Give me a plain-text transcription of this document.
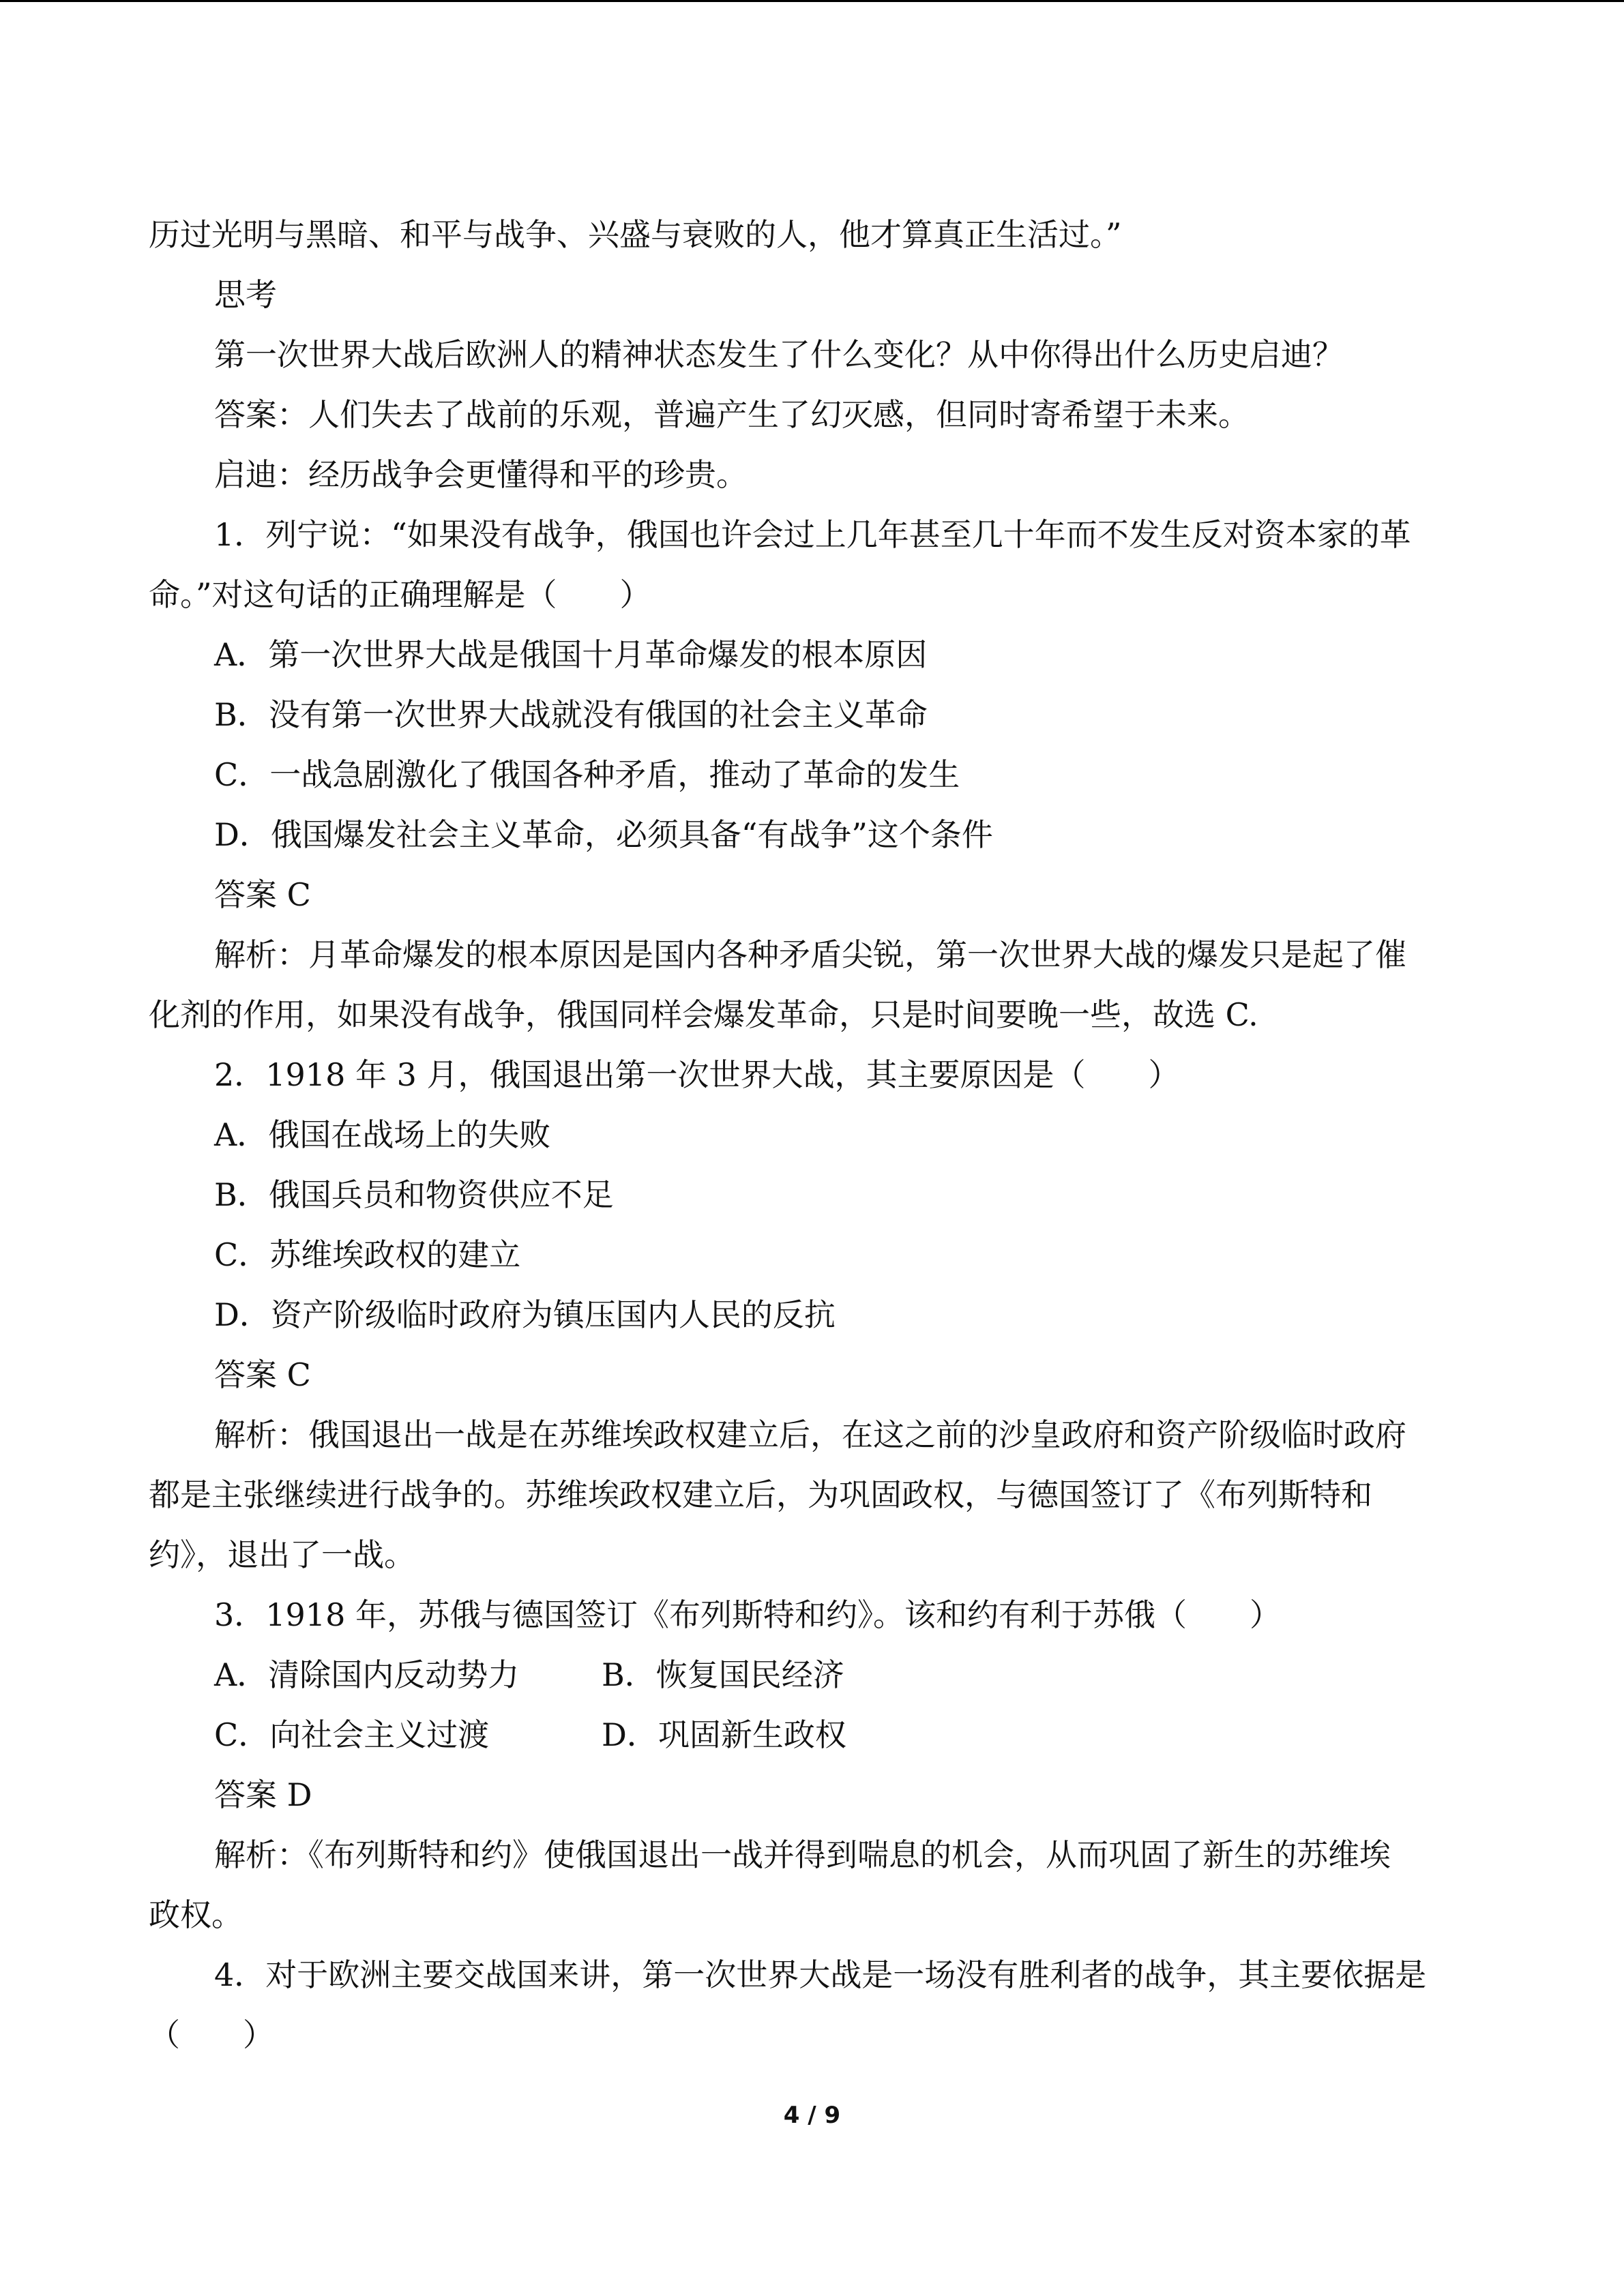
历过光明与黑暗、和平与战争、兴盛与衰败的人，他才算真正生活过。”
思考
第一次世界大战后欧洲人的精神状态发生了什么变化？从中你得出什么历史启迪？
答案：人们失去了战前的乐观，普遍产生了幻灭感，但同时寄希望于未来。
启迪：经历战争会更懂得和平的珍贵。
1．列宁说：“如果没有战争，俄国也许会过上几年甚至几十年而不发生反对资本家的革
命。”对这句话的正确理解是（　　）
A．第一次世界大战是俄国十月革命爆发的根本原因
B．没有第一次世界大战就没有俄国的社会主义革命
C．一战急剧激化了俄国各种矛盾，推动了革命的发生
D．俄国爆发社会主义革命，必须具备“有战争”这个条件
答案 C
解析：月革命爆发的根本原因是国内各种矛盾尖锐，第一次世界大战的爆发只是起了催
化剂的作用，如果没有战争，俄国同样会爆发革命，只是时间要晚一些，故选 C.
2．1918 年 3 月，俄国退出第一次世界大战，其主要原因是（　　）
A．俄国在战场上的失败
B．俄国兵员和物资供应不足
C．苏维埃政权的建立
D．资产阶级临时政府为镇压国内人民的反抗
答案 C
解析：俄国退出一战是在苏维埃政权建立后，在这之前的沙皇政府和资产阶级临时政府
都是主张继续进行战争的。苏维埃政权建立后，为巩固政权，与德国签订了《布列斯特和
约》，退出了一战。
3．1918 年，苏俄与德国签订《布列斯特和约》。该和约有利于苏俄（　　）
A．清除国内反动势力	B．恢复国民经济
C．向社会主义过渡	D．巩固新生政权
答案 D
解析：《布列斯特和约》使俄国退出一战并得到喘息的机会，从而巩固了新生的苏维埃
政权。
4．对于欧洲主要交战国来讲，第一次世界大战是一场没有胜利者的战争，其主要依据是
（　　）
4 / 9
